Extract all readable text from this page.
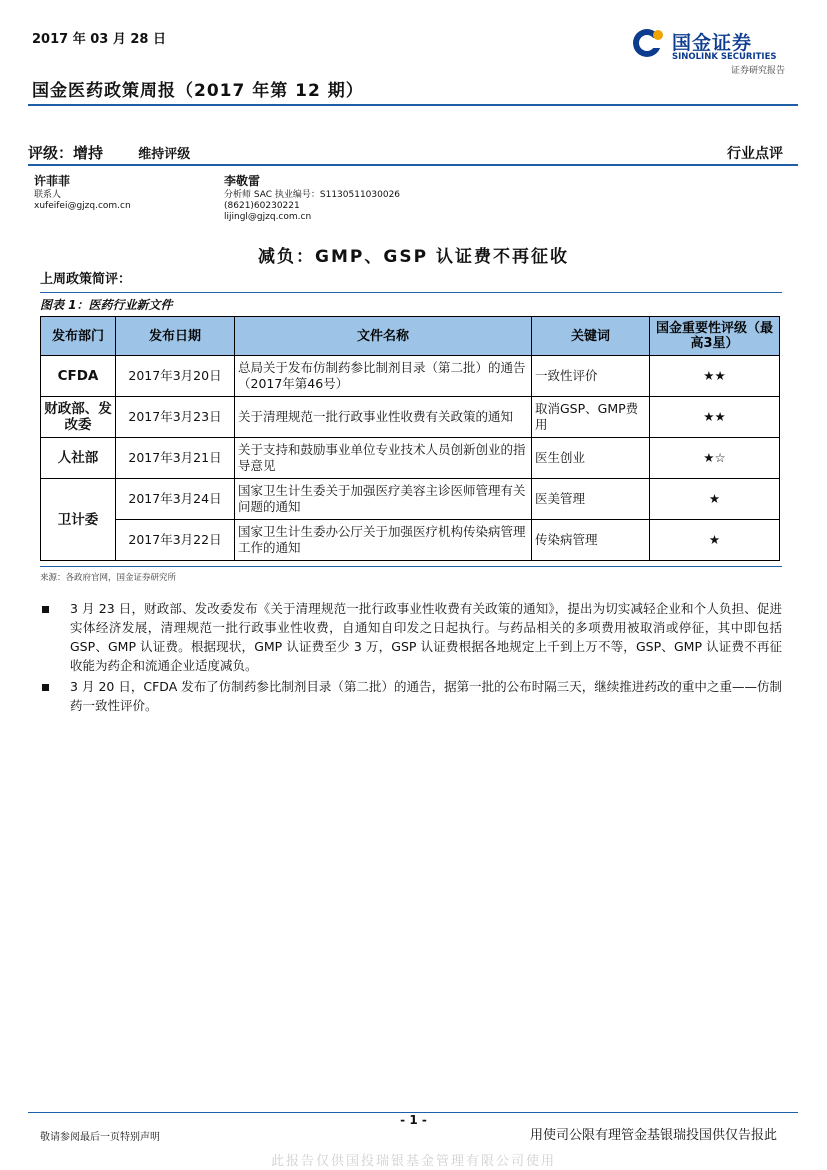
2017 年 03 月 28 日
国金医药政策周报（2017 年第 12 期）
国金证券
SINOLINK SECURITIES
证券研究报告
评级：增持	维持评级	行业点评
许菲菲
联系人
xufeifei@gjzq.com.cn
李敬雷
分析师 SAC 执业编号：S1130511030026
(8621)60230221
lijingl@gjzq.com.cn
减负：GMP、GSP 认证费不再征收
上周政策简评：
图表 1：医药行业新文件
发布部门	发布日期	文件名称	关键词	国金重要性评级（最高3星）
CFDA	2017年3月20日	总局关于发布仿制药参比制剂目录（第二批）的通告（2017年第46号）	一致性评价	★★
财政部、发改委	2017年3月23日	关于清理规范一批行政事业性收费有关政策的通知	取消GSP、GMP费用	★★
人社部	2017年3月21日	关于支持和鼓励事业单位专业技术人员创新创业的指导意见	医生创业	★☆
卫计委	2017年3月24日	国家卫生计生委关于加强医疗美容主诊医师管理有关问题的通知	医美管理	★
	2017年3月22日	国家卫生计生委办公厅关于加强医疗机构传染病管理工作的通知	传染病管理	★
来源：各政府官网，国金证券研究所
3 月 23 日，财政部、发改委发布《关于清理规范一批行政事业性收费有关政策的通知》，提出为切实减轻企业和个人负担、促进实体经济发展，清理规范一批行政事业性收费，自通知自印发之日起执行。与药品相关的多项费用被取消或停征，其中即包括 GSP、GMP 认证费。根据现状，GMP 认证费至少 3 万，GSP 认证费根据各地规定上千到上万不等，GSP、GMP 认证费不再征收能为药企和流通企业适度减负。
3 月 20 日，CFDA 发布了仿制药参比制剂目录（第二批）的通告，据第一批的公布时隔三天，继续推进药改的重中之重——仿制药一致性评价。
- 1 -
敬请参阅最后一页特别声明	用使司公限有理管金基银瑞投国供仅告报此
此报告仅供国投瑞银基金管理有限公司使用
